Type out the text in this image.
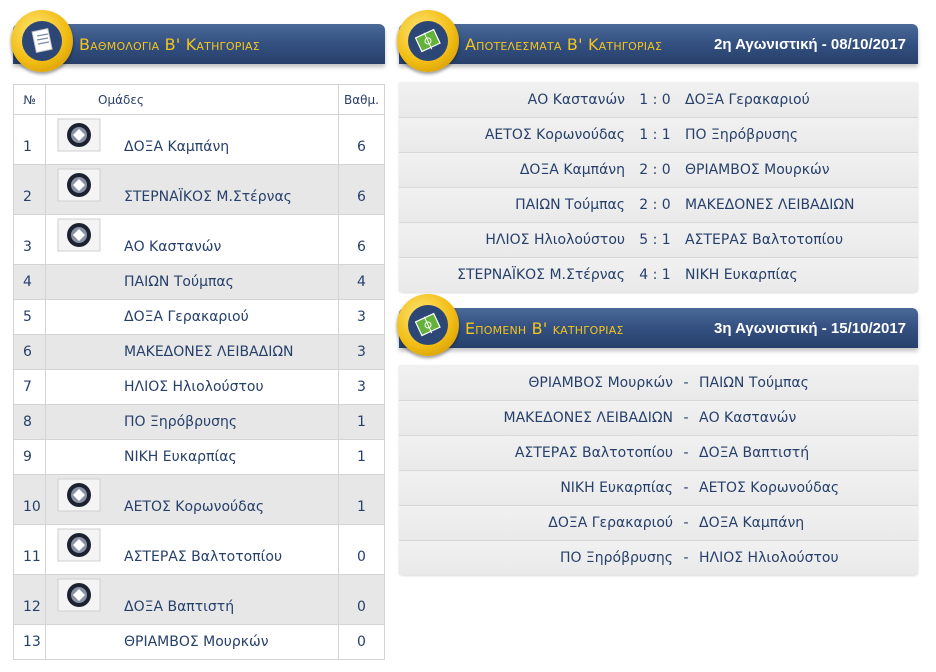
Βαθμολογια Β' Κατηγοριας
№	Ομάδες	Βαθμ.
1	ΔΟΞΑ Καμπάνη	6
2	ΣΤΕΡΝΑΪΚΟΣ Μ.Στέρνας	6
3	ΑΟ Καστανών	6
4	ΠΑΙΩΝ Τούμπας	4
5	ΔΟΞΑ Γερακαριού	3
6	ΜΑΚΕΔΟΝΕΣ ΛΕΙΒΑΔΙΩΝ	3
7	ΗΛΙΟΣ Ηλιολούστου	3
8	ΠΟ Ξηρόβρυσης	1
9	ΝΙΚΗ Ευκαρπίας	1
10	ΑΕΤΟΣ Κορωνούδας	1
11	ΑΣΤΕΡΑΣ Βαλτοτοπίου	0
12	ΔΟΞΑ Βαπτιστή	0
13	ΘΡΙΑΜΒΟΣ Μουρκών	0
Αποτελεσματα Β' Κατηγοριας	2η Αγωνιστική - 08/10/2017
ΑΟ Καστανών	1 : 0	ΔΟΞΑ Γερακαριού
ΑΕΤΟΣ Κορωνούδας	1 : 1	ΠΟ Ξηρόβρυσης
ΔΟΞΑ Καμπάνη	2 : 0	ΘΡΙΑΜΒΟΣ Μουρκών
ΠΑΙΩΝ Τούμπας	2 : 0	ΜΑΚΕΔΟΝΕΣ ΛΕΙΒΑΔΙΩΝ
ΗΛΙΟΣ Ηλιολούστου	5 : 1	ΑΣΤΕΡΑΣ Βαλτοτοπίου
ΣΤΕΡΝΑΪΚΟΣ Μ.Στέρνας	4 : 1	ΝΙΚΗ Ευκαρπίας
Επομενη Β' κατηγοριας	3η Αγωνιστική - 15/10/2017
ΘΡΙΑΜΒΟΣ Μουρκών - ΠΑΙΩΝ Τούμπας
ΜΑΚΕΔΟΝΕΣ ΛΕΙΒΑΔΙΩΝ - ΑΟ Καστανών
ΑΣΤΕΡΑΣ Βαλτοτοπίου - ΔΟΞΑ Βαπτιστή
ΝΙΚΗ Ευκαρπίας - ΑΕΤΟΣ Κορωνούδας
ΔΟΞΑ Γερακαριού - ΔΟΞΑ Καμπάνη
ΠΟ Ξηρόβρυσης - ΗΛΙΟΣ Ηλιολούστου
